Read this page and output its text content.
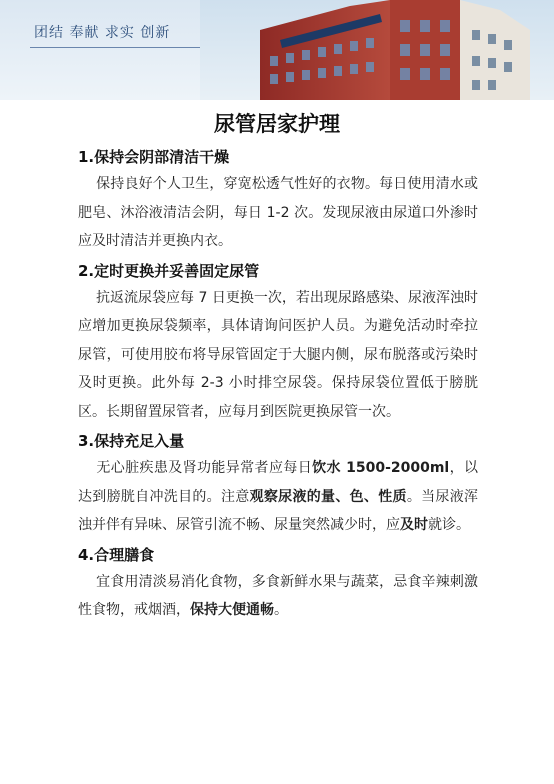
团结 奉献 求实 创新
尿管居家护理
1.保持会阴部清洁干燥

保持良好个人卫生，穿宽松透气性好的衣物。每日使用清水或肥皂、沐浴液清洁会阴，每日 1-2 次。发现尿液由尿道口外渗时应及时清洁并更换内衣。

2.定时更换并妥善固定尿管

抗返流尿袋应每 7 日更换一次，若出现尿路感染、尿液浑浊时应增加更换尿袋频率，具体请询问医护人员。为避免活动时牵拉尿管，可使用胶布将导尿管固定于大腿内侧，尿布脱落或污染时及时更换。此外每 2-3 小时排空尿袋。保持尿袋位置低于膀胱区。长期留置尿管者，应每月到医院更换尿管一次。

3.保持充足入量

无心脏疾患及肾功能异常者应每日饮水 1500-2000ml，以达到膀胱自冲洗目的。注意观察尿液的量、色、性质。当尿液浑浊并伴有异味、尿管引流不畅、尿量突然减少时，应及时就诊。

4.合理膳食

宜食用清淡易消化食物，多食新鲜水果与蔬菜，忌食辛辣刺激性食物，戒烟酒，保持大便通畅。
